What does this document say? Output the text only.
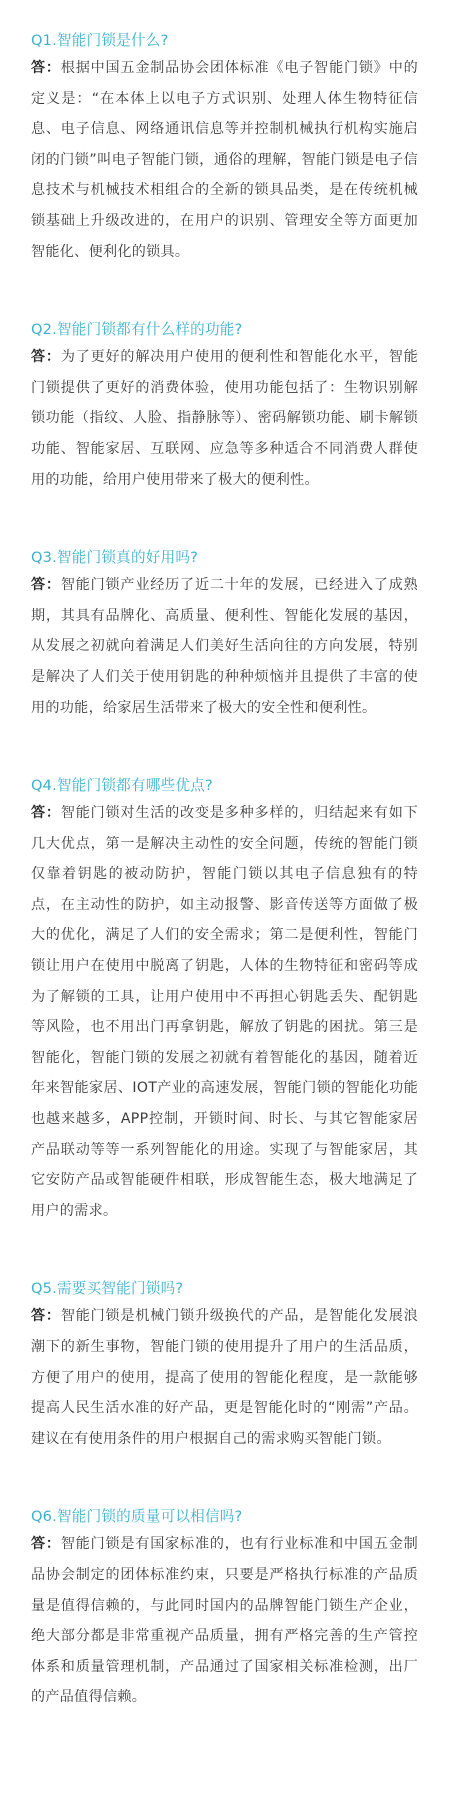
Q1.智能门锁是什么?

答：根据中国五金制品协会团体标准《电子智能门锁》中的定义是：“在本体上以电子方式识别、处理人体生物特征信息、电子信息、网络通讯信息等并控制机械执行机构实施启闭的门锁”叫电子智能门锁，通俗的理解，智能门锁是电子信息技术与机械技术相组合的全新的锁具品类，是在传统机械锁基础上升级改进的，在用户的识别、管理安全等方面更加智能化、便利化的锁具。

Q2.智能门锁都有什么样的功能?

答：为了更好的解决用户使用的便利性和智能化水平，智能门锁提供了更好的消费体验，使用功能包括了：生物识别解锁功能（指纹、人脸、指静脉等）、密码解锁功能、刷卡解锁功能、智能家居、互联网、应急等多种适合不同消费人群使用的功能，给用户使用带来了极大的便利性。

Q3.智能门锁真的好用吗?

答：智能门锁产业经历了近二十年的发展，已经进入了成熟期，其具有品牌化、高质量、便利性、智能化发展的基因，从发展之初就向着满足人们美好生活向往的方向发展，特别是解决了人们关于使用钥匙的种种烦恼并且提供了丰富的使用的功能，给家居生活带来了极大的安全性和便利性。

Q4.智能门锁都有哪些优点?

答：智能门锁对生活的改变是多种多样的，归结起来有如下几大优点，第一是解决主动性的安全问题，传统的智能门锁仅靠着钥匙的被动防护，智能门锁以其电子信息独有的特点，在主动性的防护，如主动报警、影音传送等方面做了极大的优化，满足了人们的安全需求；第二是便利性，智能门锁让用户在使用中脱离了钥匙，人体的生物特征和密码等成为了解锁的工具，让用户使用中不再担心钥匙丢失、配钥匙等风险，也不用出门再拿钥匙，解放了钥匙的困扰。第三是智能化，智能门锁的发展之初就有着智能化的基因，随着近年来智能家居、IOT产业的高速发展，智能门锁的智能化功能也越来越多，APP控制，开锁时间、时长、与其它智能家居产品联动等等一系列智能化的用途。实现了与智能家居，其它安防产品或智能硬件相联，形成智能生态，极大地满足了用户的需求。

Q5.需要买智能门锁吗?

答：智能门锁是机械门锁升级换代的产品，是智能化发展浪潮下的新生事物，智能门锁的使用提升了用户的生活品质，方便了用户的使用，提高了使用的智能化程度，是一款能够提高人民生活水准的好产品，更是智能化时的“刚需”产品。建议在有使用条件的用户根据自己的需求购买智能门锁。

Q6.智能门锁的质量可以相信吗?

答：智能门锁是有国家标准的，也有行业标准和中国五金制品协会制定的团体标准约束，只要是严格执行标准的产品质量是值得信赖的，与此同时国内的品牌智能门锁生产企业，绝大部分都是非常重视产品质量，拥有严格完善的生产管控体系和质量管理机制，产品通过了国家相关标准检测，出厂的产品值得信赖。
